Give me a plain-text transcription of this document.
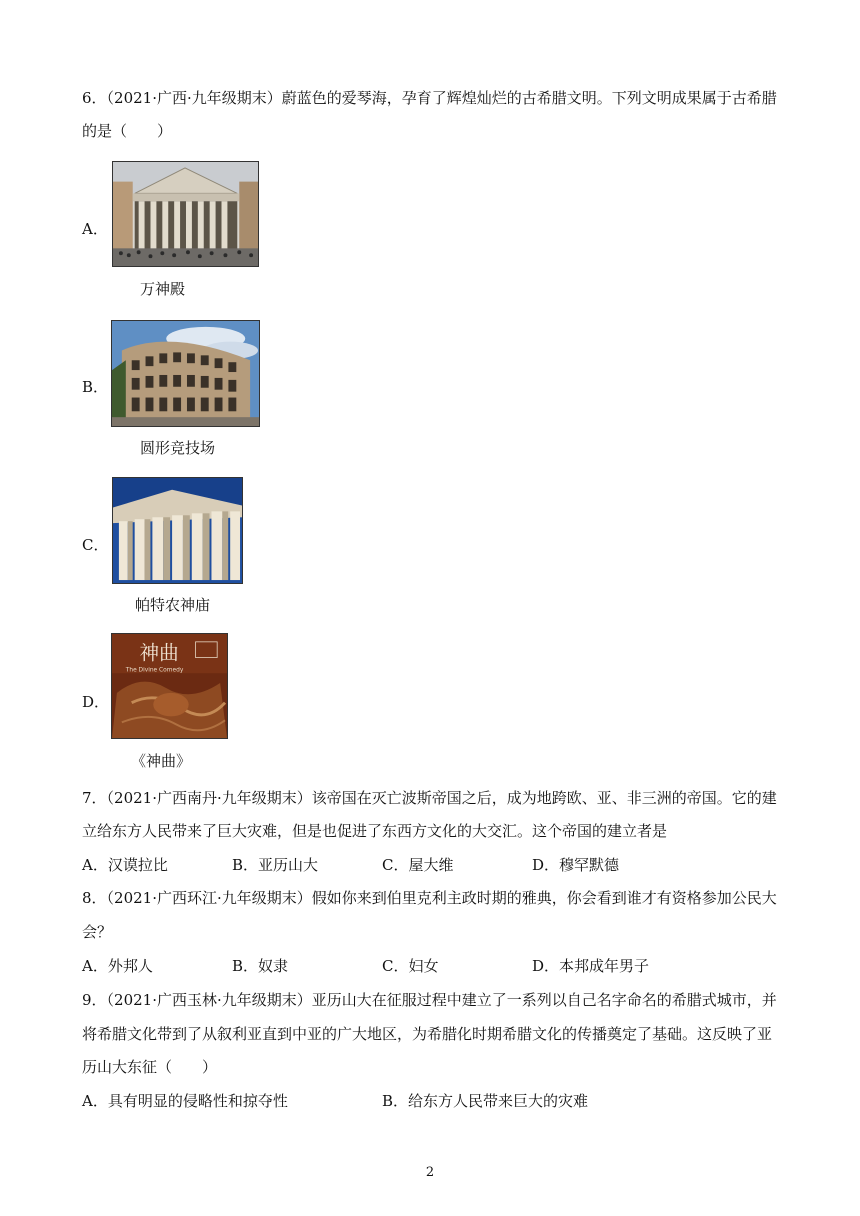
6．（2021·广西·九年级期末）蔚蓝色的爱琴海，孕育了辉煌灿烂的古希腊文明。下列文明成果属于古希腊
的是（　　）
A．
万神殿
B．
圆形竞技场
C．
帕特农神庙
D．
神曲
The Divine Comedy
《神曲》
7．（2021·广西南丹·九年级期末）该帝国在灭亡波斯帝国之后，成为地跨欧、亚、非三洲的帝国。它的建
立给东方人民带来了巨大灾难，但是也促进了东西方文化的大交汇。这个帝国的建立者是
A．汉谟拉比	B．亚历山大	C．屋大维	D．穆罕默德
8．（2021·广西环江·九年级期末）假如你来到伯里克利主政时期的雅典，你会看到谁才有资格参加公民大
会？
A．外邦人	B．奴隶	C．妇女	D．本邦成年男子
9．（2021·广西玉林·九年级期末）亚历山大在征服过程中建立了一系列以自己名字命名的希腊式城市，并
将希腊文化带到了从叙利亚直到中亚的广大地区，为希腊化时期希腊文化的传播奠定了基础。这反映了亚
历山大东征（　　）
A．具有明显的侵略性和掠夺性	B．给东方人民带来巨大的灾难
2
